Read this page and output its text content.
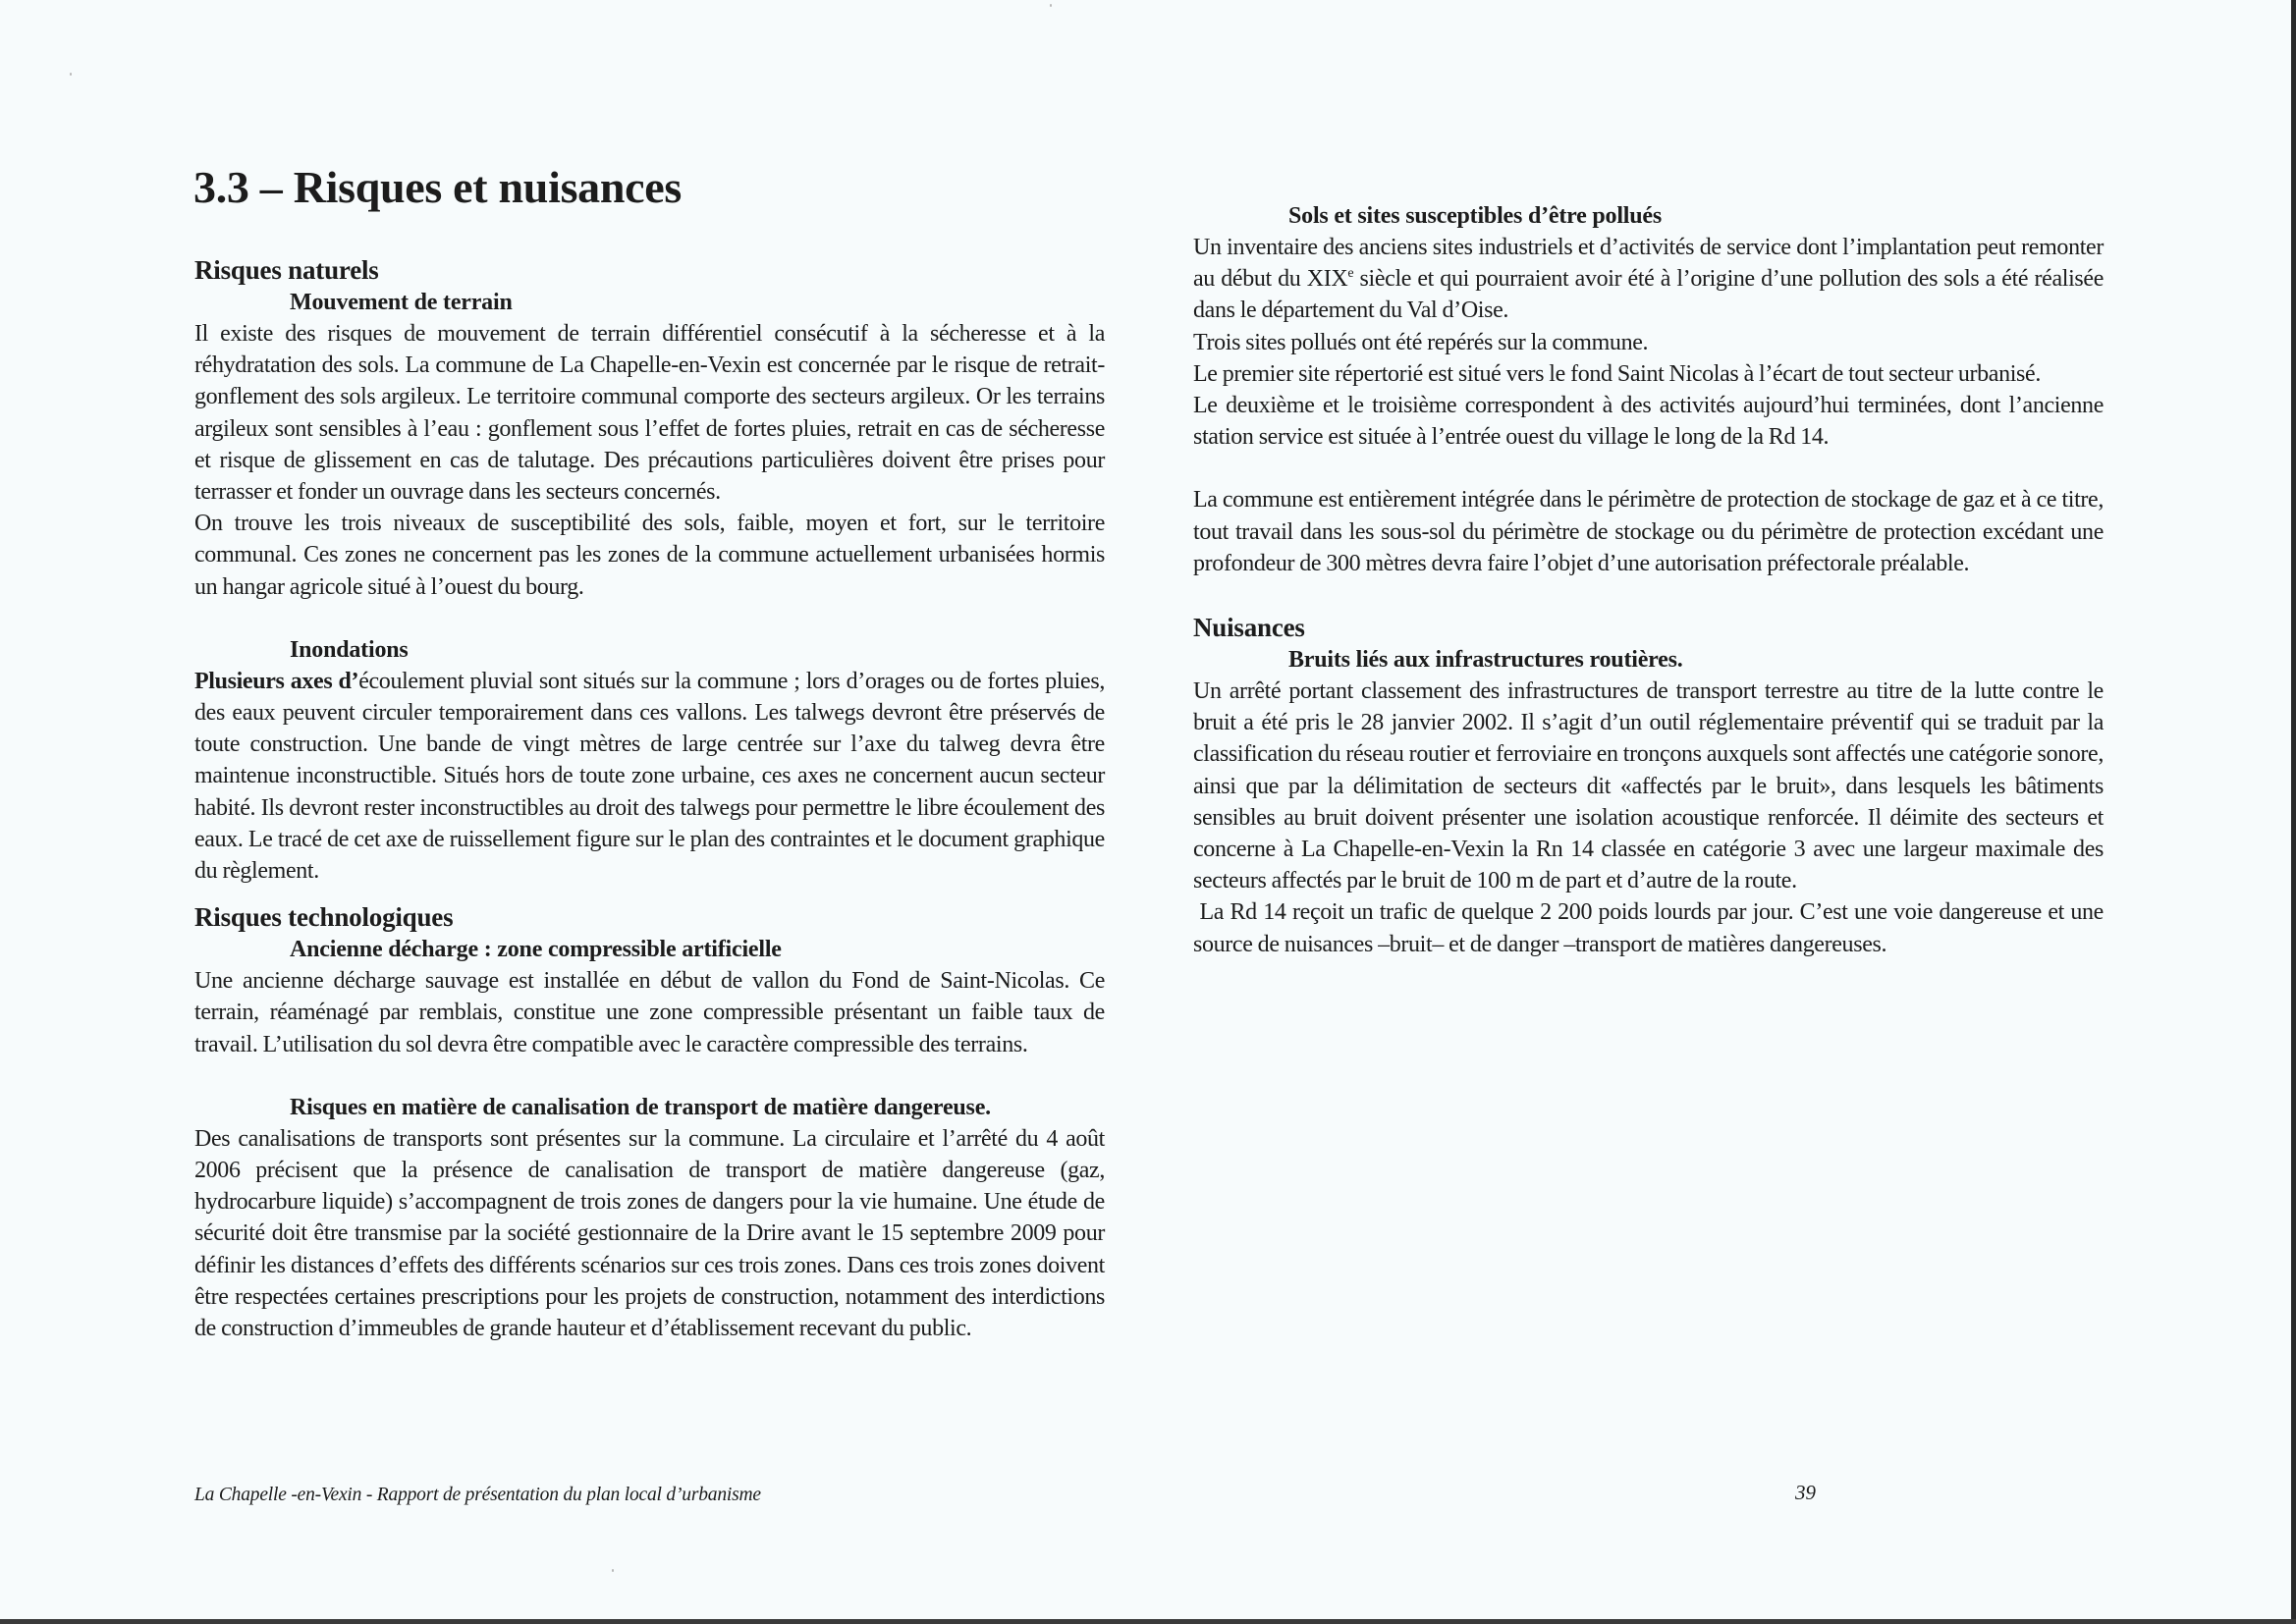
3.3 – Risques et nuisances
Risques naturels
Mouvement de terrain

Il existe des risques de mouvement de terrain différentiel consécutif à la sécheresse et à la réhydratation des sols. La commune de La Chapelle-en-Vexin est concernée par le risque de retrait-gonflement des sols argileux. Le territoire communal comporte des secteurs argileux. Or les terrains argileux sont sensibles à l’eau : gonflement sous l’effet de fortes pluies, retrait en cas de sécheresse et risque de glissement en cas de talutage. Des précautions particulières doivent être prises pour terrasser et fonder un ouvrage dans les secteurs concernés.

On trouve les trois niveaux de susceptibilité des sols, faible, moyen et fort, sur le territoire communal. Ces zones ne concernent pas les zones de la commune actuellement urbanisées hormis un hangar agricole situé à l’ouest du bourg.

Inondations

Plusieurs axes d’écoulement pluvial sont situés sur la commune ; lors d’orages ou de fortes pluies, des eaux peuvent circuler temporairement dans ces vallons. Les talwegs devront être préservés de toute construction. Une bande de vingt mètres de large centrée sur l’axe du talweg devra être maintenue inconstructible. Situés hors de toute zone urbaine, ces axes ne concernent aucun secteur habité. Ils devront rester inconstructibles au droit des talwegs pour permettre le libre écoulement des eaux. Le tracé de cet axe de ruissellement figure sur le plan des contraintes et le document graphique du règlement.

Risques technologiques
Ancienne décharge : zone compressible artificielle

Une ancienne décharge sauvage est installée en début de vallon du Fond de Saint-Nicolas. Ce terrain, réaménagé par remblais, constitue une zone compressible présentant un faible taux de travail. L’utilisation du sol devra être compatible avec le caractère compressible des terrains.

Risques en matière de canalisation de transport de matière dangereuse.

Des canalisations de transports sont présentes sur la commune. La circulaire et l’arrêté du 4 août 2006 précisent que la présence de canalisation de transport de matière dangereuse (gaz, hydrocarbure liquide) s’accompagnent de trois zones de dangers pour la vie humaine. Une étude de sécurité doit être transmise par la société gestionnaire de la Drire avant le 15 septembre 2009 pour définir les distances d’effets des différents scénarios sur ces trois zones. Dans ces trois zones doivent être respectées certaines prescriptions pour les projets de construction, notamment des interdictions de construction d’immeubles de grande hauteur et d’établissement recevant du public.

Sols et sites susceptibles d’être pollués

Un inventaire des anciens sites industriels et d’activités de service dont l’implantation peut remonter au début du XIXe siècle et qui pourraient avoir été à l’origine d’une pollution des sols a été réalisée dans le département du Val d’Oise.

Trois sites pollués ont été repérés sur la commune.

Le premier site répertorié est situé vers le fond Saint Nicolas à l’écart de tout secteur urbanisé.

Le deuxième et le troisième correspondent à des activités aujourd’hui terminées, dont l’ancienne station service est située à l’entrée ouest du village le long de la Rd 14.

La commune est entièrement intégrée dans le périmètre de protection de stockage de gaz et à ce titre, tout travail dans les sous-sol du périmètre de stockage ou du périmètre de protection excédant une profondeur de 300 mètres devra faire l’objet d’une autorisation préfectorale préalable.

Nuisances
Bruits liés aux infrastructures routières.

Un arrêté portant classement des infrastructures de transport terrestre au titre de la lutte contre le bruit a été pris le 28 janvier 2002. Il s’agit d’un outil réglementaire préventif qui se traduit par la classification du réseau routier et ferroviaire en tronçons auxquels sont affectés une catégorie sonore, ainsi que par la délimitation de secteurs dit «affectés par le bruit», dans lesquels les bâtiments sensibles au bruit doivent présenter une isolation acoustique renforcée. Il déimite des secteurs et concerne à La Chapelle-en-Vexin la Rn 14 classée en catégorie 3 avec une largeur maximale des secteurs affectés par le bruit de 100 m de part et d’autre de la route.

La Rd 14 reçoit un trafic de quelque 2 200 poids lourds par jour. C’est une voie dangereuse et une source de nuisances –bruit– et de danger –transport de matières dangereuses.

La Chapelle -en-Vexin - Rapport de présentation du plan local d’urbanisme	39
